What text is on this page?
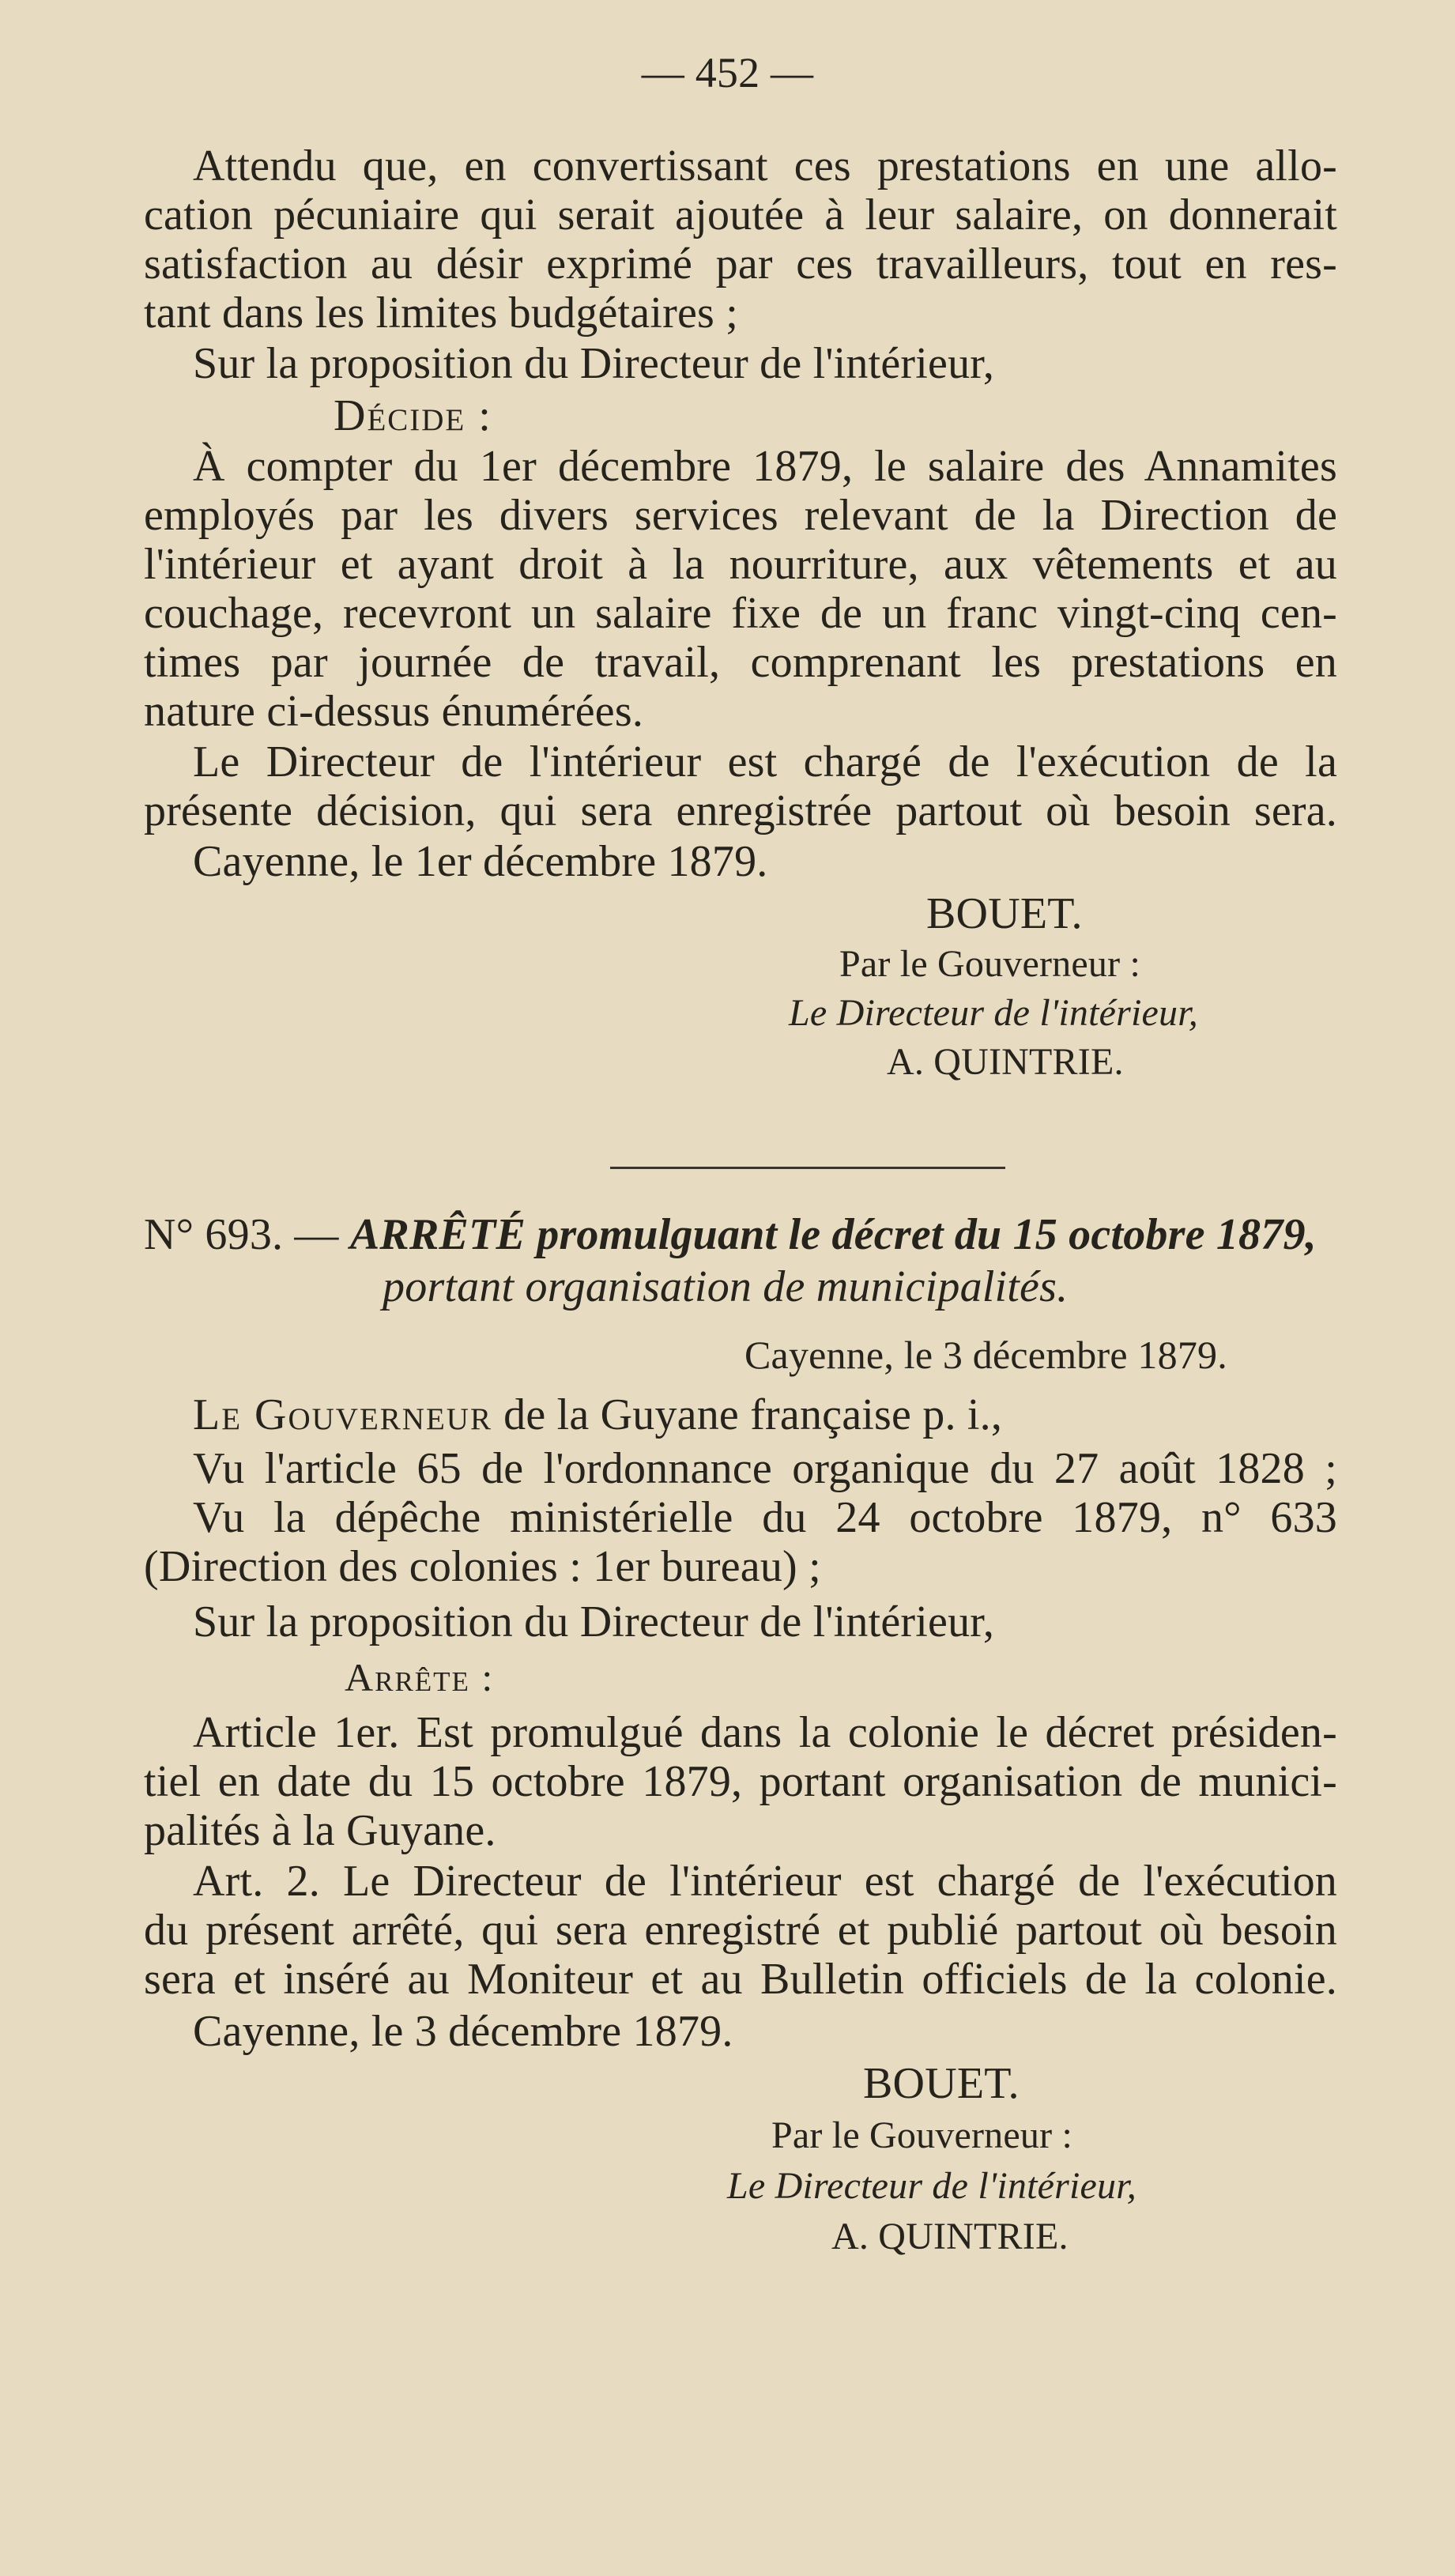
— 452 —
Attendu que, en convertissant ces prestations en une allo-
cation pécuniaire qui serait ajoutée à leur salaire, on donnerait
satisfaction au désir exprimé par ces travailleurs, tout en res-
tant dans les limites budgétaires ;
Sur la proposition du Directeur de l'intérieur,
Décide :
À compter du 1er décembre 1879, le salaire des Annamites
employés par les divers services relevant de la Direction de
l'intérieur et ayant droit à la nourriture, aux vêtements et au
couchage, recevront un salaire fixe de un franc vingt-cinq cen-
times par journée de travail, comprenant les prestations en
nature ci-dessus énumérées.
Le Directeur de l'intérieur est chargé de l'exécution de la
présente décision, qui sera enregistrée partout où besoin sera.
Cayenne, le 1er décembre 1879.
BOUET.
Par le Gouverneur :
Le Directeur de l'intérieur,
A. QUINTRIE.
N° 693. — ARRÊTÉ promulguant le décret du 15 octobre 1879,
portant organisation de municipalités.
Cayenne, le 3 décembre 1879.
Le Gouverneur de la Guyane française p. i.,
Vu l'article 65 de l'ordonnance organique du 27 août 1828 ;
Vu la dépêche ministérielle du 24 octobre 1879, n° 633
(Direction des colonies : 1er bureau) ;
Sur la proposition du Directeur de l'intérieur,
Arrête :
Article 1er. Est promulgué dans la colonie le décret présiden-
tiel en date du 15 octobre 1879, portant organisation de munici-
palités à la Guyane.
Art. 2. Le Directeur de l'intérieur est chargé de l'exécution
du présent arrêté, qui sera enregistré et publié partout où besoin
sera et inséré au Moniteur et au Bulletin officiels de la colonie.
Cayenne, le 3 décembre 1879.
BOUET.
Par le Gouverneur :
Le Directeur de l'intérieur,
A. QUINTRIE.
